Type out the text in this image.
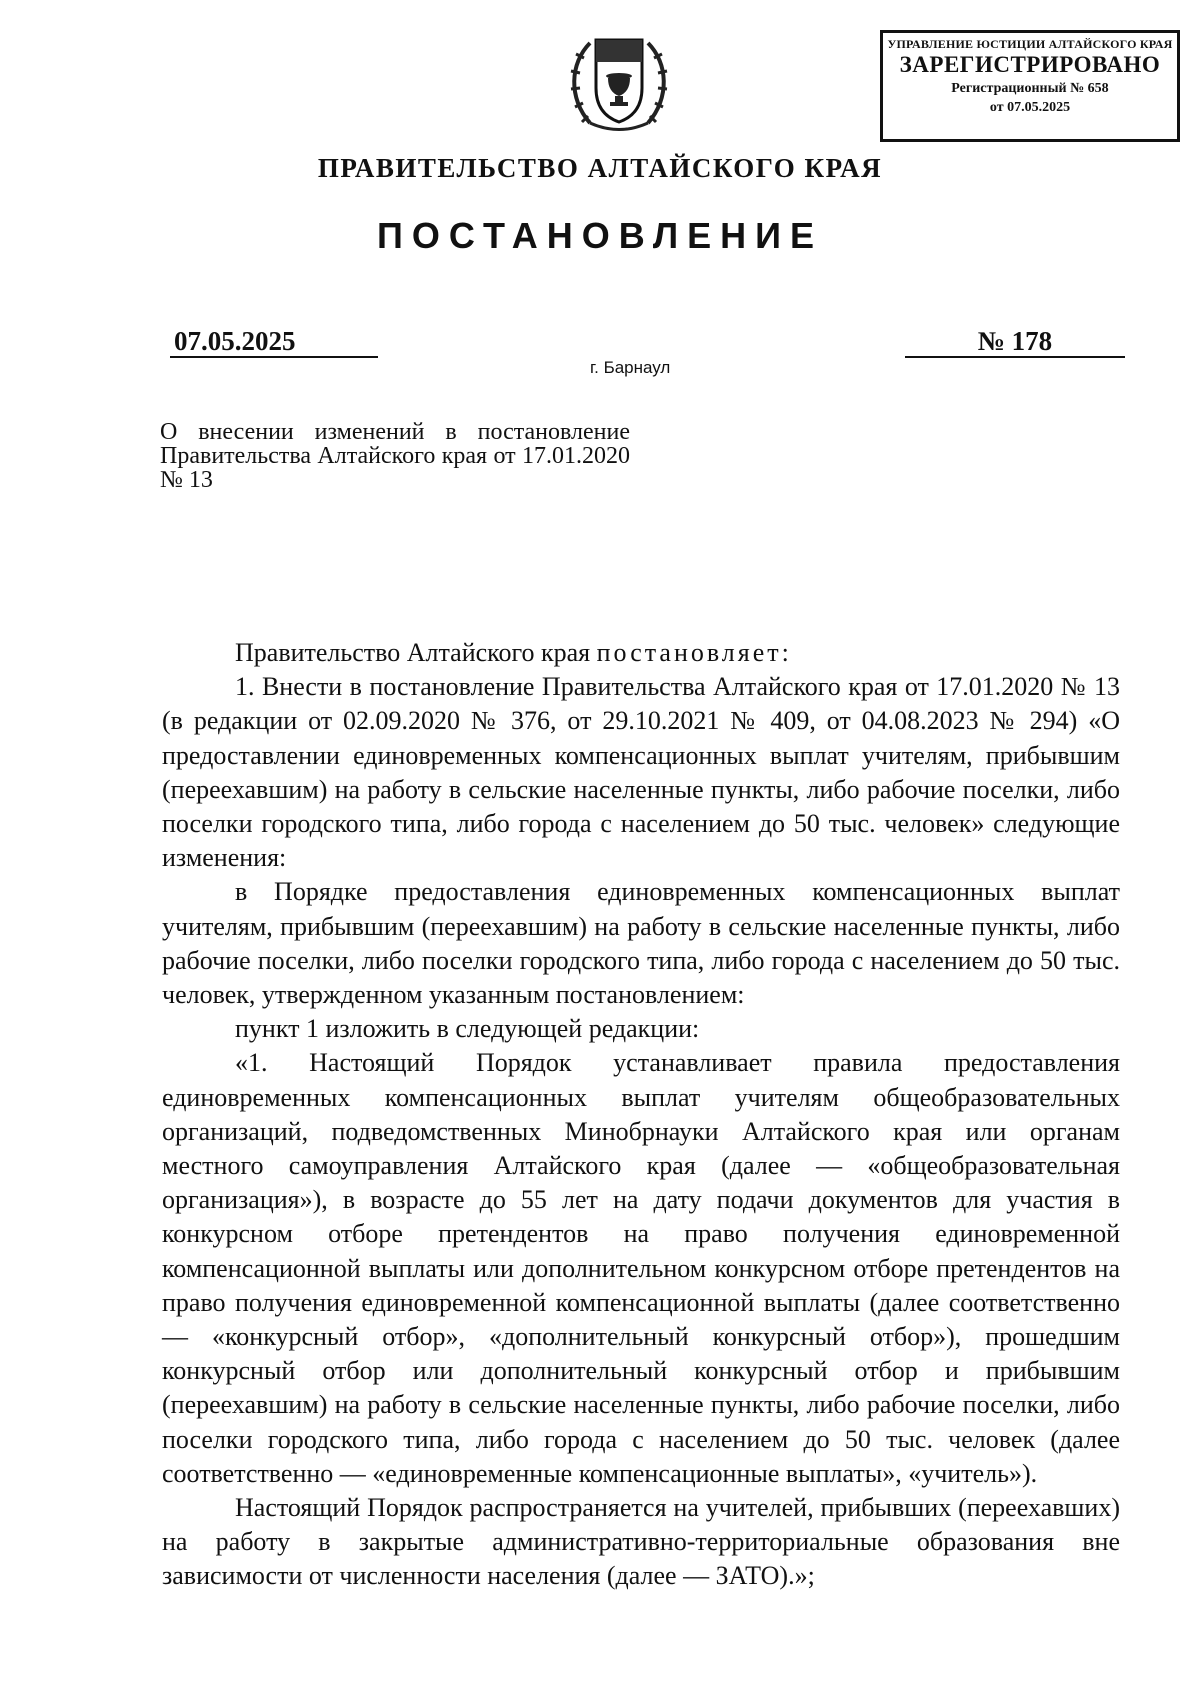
УПРАВЛЕНИЕ ЮСТИЦИИ АЛТАЙСКОГО КРАЯ
ЗАРЕГИСТРИРОВАНО
Регистрационный № 658
от 07.05.2025
ПРАВИТЕЛЬСТВО АЛТАЙСКОГО КРАЯ
ПОСТАНОВЛЕНИЕ
07.05.2025	№ 178
г. Барнаул
О внесении изменений в постановление Правительства Алтайского края от 17.01.2020 № 13

Правительство Алтайского края постановляет:

1. Внести в постановление Правительства Алтайского края от 17.01.2020 № 13 (в редакции от 02.09.2020 № 376, от 29.10.2021 № 409, от 04.08.2023 № 294) «О предоставлении единовременных компенсационных выплат учителям, прибывшим (переехавшим) на работу в сельские населенные пункты, либо рабочие поселки, либо поселки городского типа, либо города с населением до 50 тыс. человек» следующие изменения:

в Порядке предоставления единовременных компенсационных выплат учителям, прибывшим (переехавшим) на работу в сельские населенные пункты, либо рабочие поселки, либо поселки городского типа, либо города с населением до 50 тыс. человек, утвержденном указанным постановлением:

пункт 1 изложить в следующей редакции:

«1. Настоящий Порядок устанавливает правила предоставления единовременных компенсационных выплат учителям общеобразовательных организаций, подведомственных Минобрнауки Алтайского края или органам местного самоуправления Алтайского края (далее — «общеобразовательная организация»), в возрасте до 55 лет на дату подачи документов для участия в конкурсном отборе претендентов на право получения единовременной компенсационной выплаты или дополнительном конкурсном отборе претендентов на право получения единовременной компенсационной выплаты (далее соответственно — «конкурсный отбор», «дополнительный конкурсный отбор»), прошедшим конкурсный отбор или дополнительный конкурсный отбор и прибывшим (переехавшим) на работу в сельские населенные пункты, либо рабочие поселки, либо поселки городского типа, либо города с населением до 50 тыс. человек (далее соответственно — «единовременные компенсационные выплаты», «учитель»).

Настоящий Порядок распространяется на учителей, прибывших (переехавших) на работу в закрытые административно-территориальные образования вне зависимости от численности населения (далее — ЗАТО).»;
